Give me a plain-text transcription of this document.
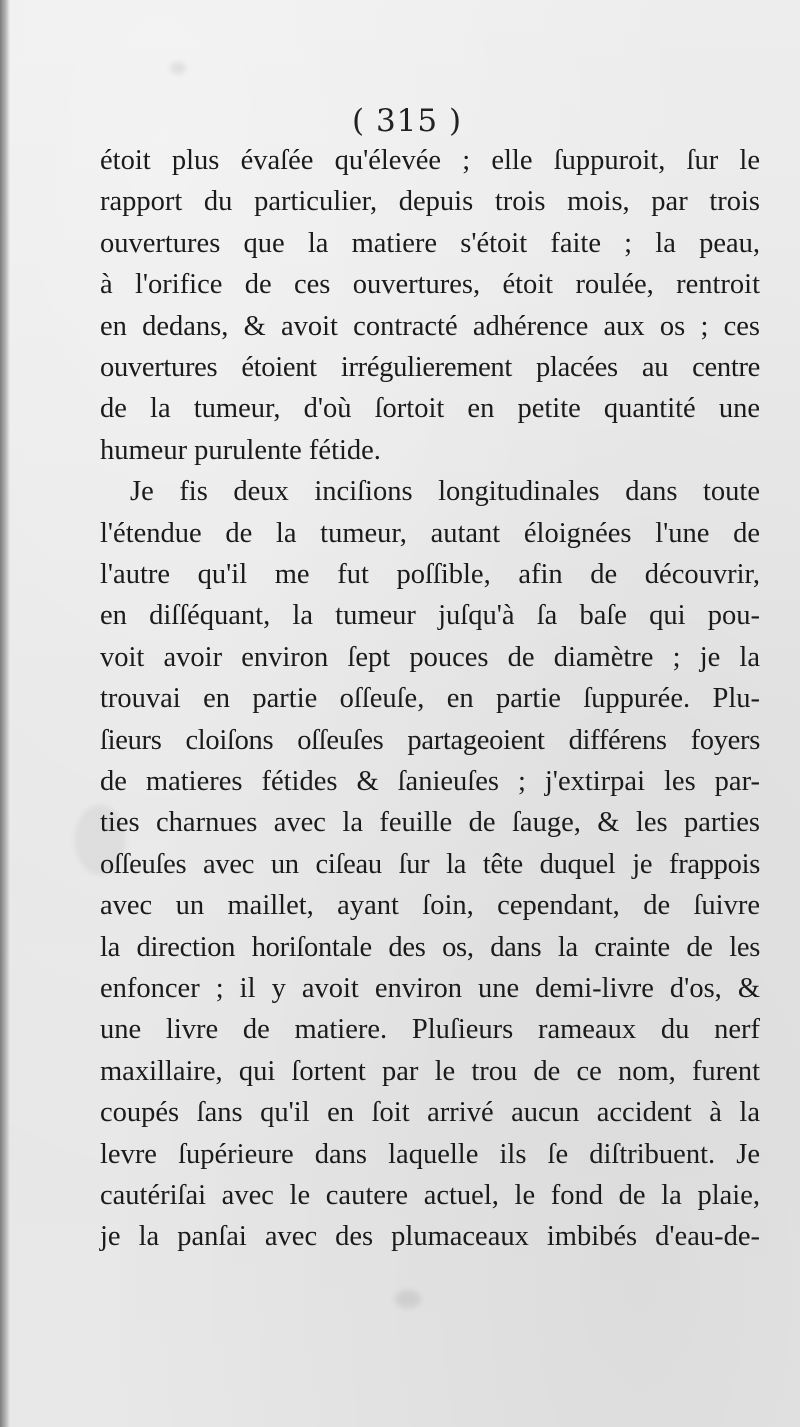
( 315 )
étoit plus évaſée qu'élevée ; elle ſuppuroit, ſur le
rapport du particulier, depuis trois mois, par trois
ouvertures que la matiere s'étoit faite ; la peau,
à l'orifice de ces ouvertures, étoit roulée, rentroit
en dedans, & avoit contracté adhérence aux os ; ces
ouvertures étoient irrégulierement placées au centre
de la tumeur, d'où ſortoit en petite quantité une
humeur purulente fétide.
Je fis deux inciſions longitudinales dans toute
l'étendue de la tumeur, autant éloignées l'une de
l'autre qu'il me fut poſſible, afin de découvrir,
en diſſéquant, la tumeur juſqu'à ſa baſe qui pou-
voit avoir environ ſept pouces de diamètre ; je la
trouvai en partie oſſeuſe, en partie ſuppurée. Plu-
ſieurs cloiſons oſſeuſes partageoient différens foyers
de matieres fétides & ſanieuſes ; j'extirpai les par-
ties charnues avec la feuille de ſauge, & les parties
oſſeuſes avec un ciſeau ſur la tête duquel je frappois
avec un maillet, ayant ſoin, cependant, de ſuivre
la direction horiſontale des os, dans la crainte de les
enfoncer ; il y avoit environ une demi-livre d'os, &
une livre de matiere. Pluſieurs rameaux du nerf
maxillaire, qui ſortent par le trou de ce nom, furent
coupés ſans qu'il en ſoit arrivé aucun accident à la
levre ſupérieure dans laquelle ils ſe diſtribuent. Je
cautériſai avec le cautere actuel, le fond de la plaie,
je la panſai avec des plumaceaux imbibés d'eau-de-
